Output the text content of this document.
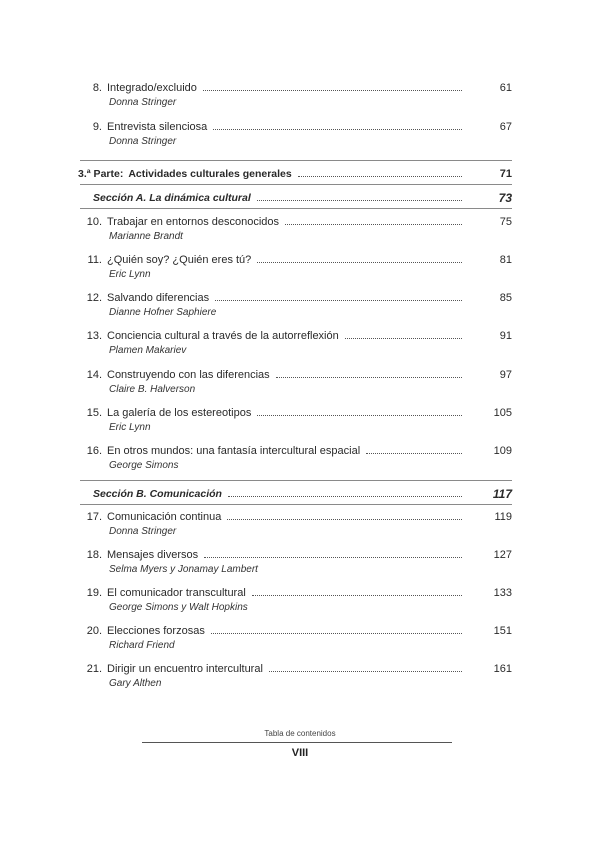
8. Integrado/excluido	61
Donna Stringer
9. Entrevista silenciosa	67
Donna Stringer
3.ª Parte: Actividades culturales generales	71
Sección A. La dinámica cultural	73
10. Trabajar en entornos desconocidos	75
Marianne Brandt
11. ¿Quién soy? ¿Quién eres tú?	81
Eric Lynn
12. Salvando diferencias	85
Dianne Hofner Saphiere
13. Conciencia cultural a través de la autorreflexión	91
Plamen Makariev
14. Construyendo con las diferencias	97
Claire B. Halverson
15. La galería de los estereotipos	105
Eric Lynn
16. En otros mundos: una fantasía intercultural espacial	109
George Simons
Sección B. Comunicación	117
17. Comunicación continua	119
Donna Stringer
18. Mensajes diversos	127
Selma Myers y Jonamay Lambert
19. El comunicador transcultural	133
George Simons y Walt Hopkins
20. Elecciones forzosas	151
Richard Friend
21. Dirigir un encuentro intercultural	161
Gary Althen
Tabla de contenidos
VIII
